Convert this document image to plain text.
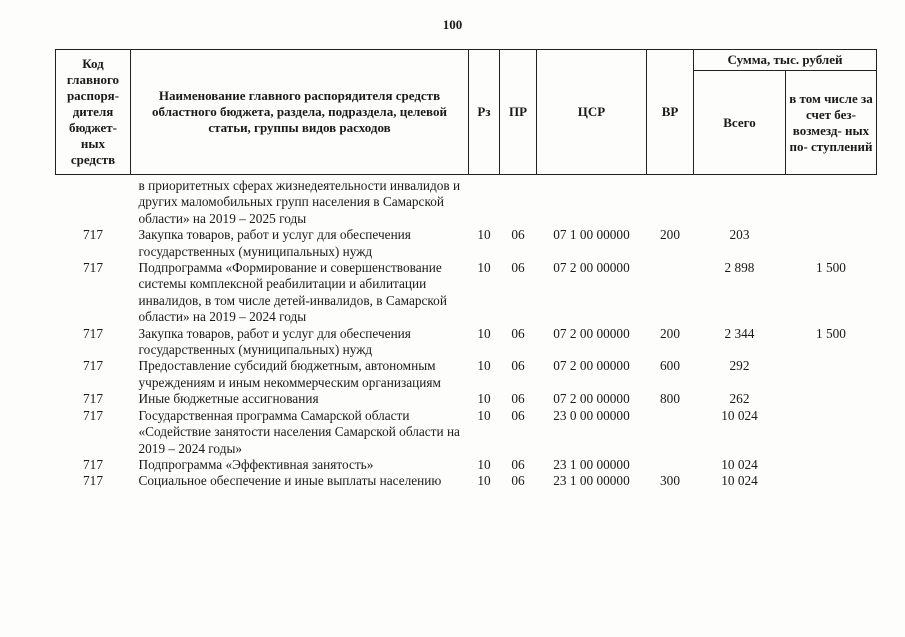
100
Код главного распоря- дителя бюджет- ных средств	Наименование главного распорядителя средств областного бюджета, раздела, подраздела, целевой статьи, группы видов расходов	Рз	ПР	ЦСР	ВР	Сумма, тыс. рублей	
						Всего	в том числе за счет без- возмезд- ных по- ступлений
	в приоритетных сферах жизнедеятельности инвалидов и других маломобильных групп населения в Самарской области» на 2019 – 2025 годы						
717	Закупка товаров, работ и услуг для обеспечения государственных (муниципальных) нужд	10	06	07 1 00 00000	200	203	
717	Подпрограмма «Формирование и совершенствование системы комплексной реабилитации и абилитации инвалидов, в том числе детей-инвалидов, в Самарской области» на 2019 – 2024 годы	10	06	07 2 00 00000		2 898	1 500
717	Закупка товаров, работ и услуг для обеспечения государственных (муниципальных) нужд	10	06	07 2 00 00000	200	2 344	1 500
717	Предоставление субсидий бюджетным, автономным учреждениям и иным некоммерческим организациям	10	06	07 2 00 00000	600	292	
717	Иные бюджетные ассигнования	10	06	07 2 00 00000	800	262	
717	Государственная программа Самарской области «Содействие занятости населения Самарской области на 2019 – 2024 годы»	10	06	23 0 00 00000		10 024	
717	Подпрограмма «Эффективная занятость»	10	06	23 1 00 00000		10 024	
717	Социальное обеспечение и иные выплаты населению	10	06	23 1 00 00000	300	10 024	
